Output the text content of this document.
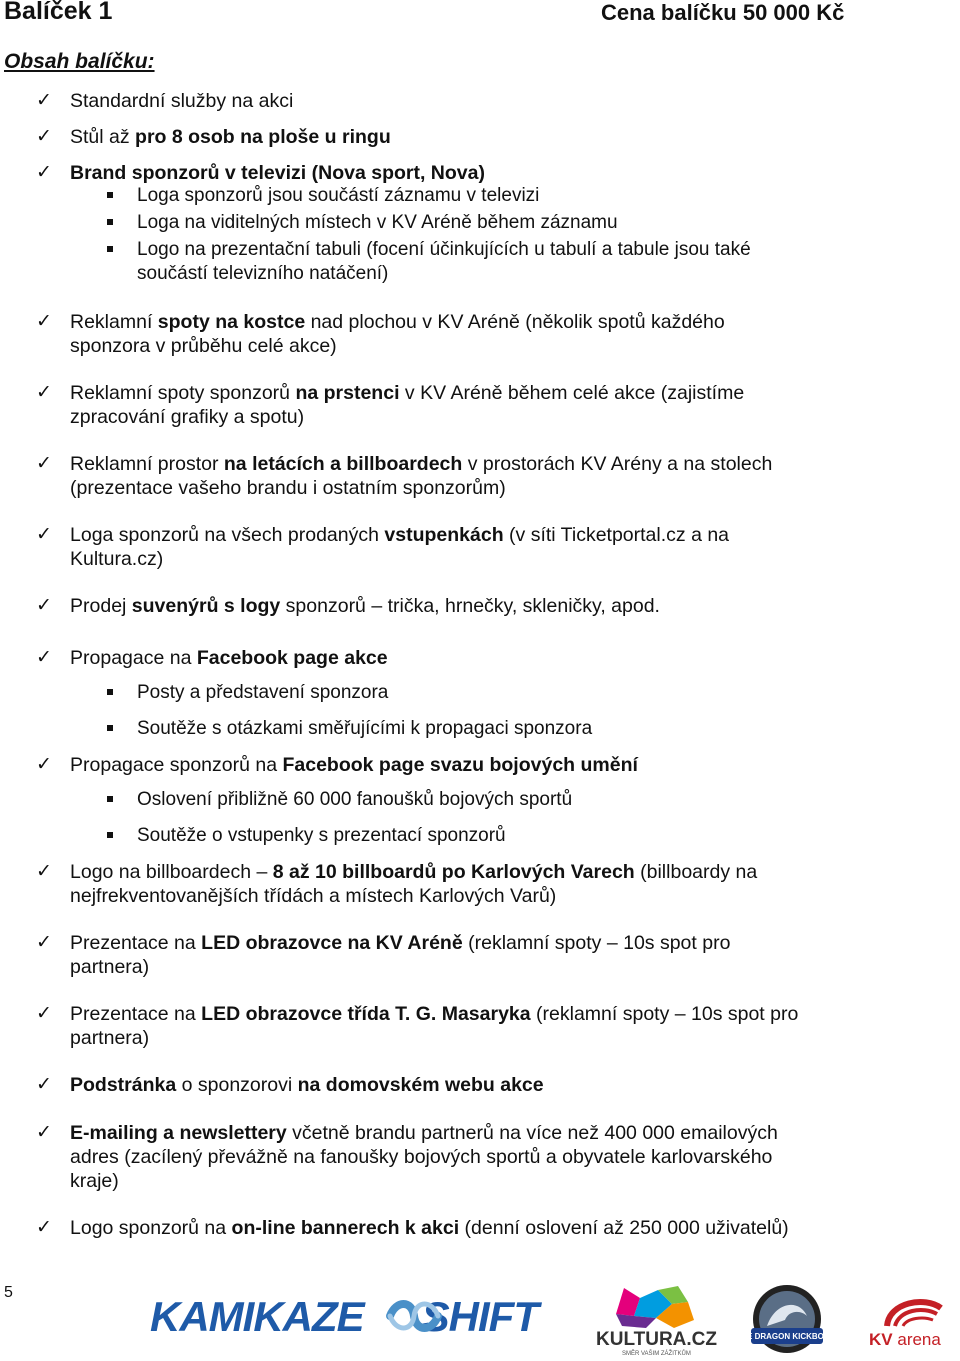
Balíček 1	Cena balíčku 50 000 Kč
Obsah balíčku:
✓ Standardní služby na akci
✓ Stůl až pro 8 osob na ploše u ringu
✓ Brand sponzorů v televizi (Nova sport, Nova)
Loga sponzorů jsou součástí záznamu v televizi
Loga na viditelných místech v KV Aréně během záznamu
Logo na prezentační tabuli (focení účinkujících u tabulí a tabule jsou také
součástí televizního natáčení)
✓ Reklamní spoty na kostce nad plochou v KV Aréně (několik spotů každého
sponzora v průběhu celé akce)
✓ Reklamní spoty sponzorů na prstenci v KV Aréně během celé akce (zajistíme
zpracování grafiky a spotu)
✓ Reklamní prostor na letácích a billboardech v prostorách KV Arény a na stolech
(prezentace vašeho brandu i ostatním sponzorům)
✓ Loga sponzorů na všech prodaných vstupenkách (v síti Ticketportal.cz a na
Kultura.cz)
✓ Prodej suvenýrů s logy sponzorů – trička, hrnečky, skleničky, apod.
✓ Propagace na Facebook page akce
Posty a představení sponzora
Soutěže s otázkami směřujícími k propagaci sponzora
✓ Propagace sponzorů na Facebook page svazu bojových umění
Oslovení přibližně 60 000 fanoušků bojových sportů
Soutěže o vstupenky s prezentací sponzorů
✓ Logo na billboardech – 8 až 10 billboardů po Karlových Varech (billboardy na
nejfrekventovanějších třídách a místech Karlových Varů)
✓ Prezentace na LED obrazovce na KV Aréně (reklamní spoty – 10s spot pro
partnera)
✓ Prezentace na LED obrazovce třída T. G. Masaryka (reklamní spoty – 10s spot pro
partnera)
✓ Podstránka o sponzorovi na domovském webu akce
✓ E-mailing a newslettery včetně brandu partnerů na více než 400 000 emailových
adres (zacílený převážně na fanoušky bojových sportů a obyvatele karlovarského
kraje)
✓ Logo sponzorů na on-line bannerech k akci (denní oslovení až 250 000 uživatelů)
5
KAMIKAZE SHIFT	KULTURA.CZ
SMĚR VAŠIM ZÁŽITKŮM
BLUE DRAGON KICKBOXING KV arena
